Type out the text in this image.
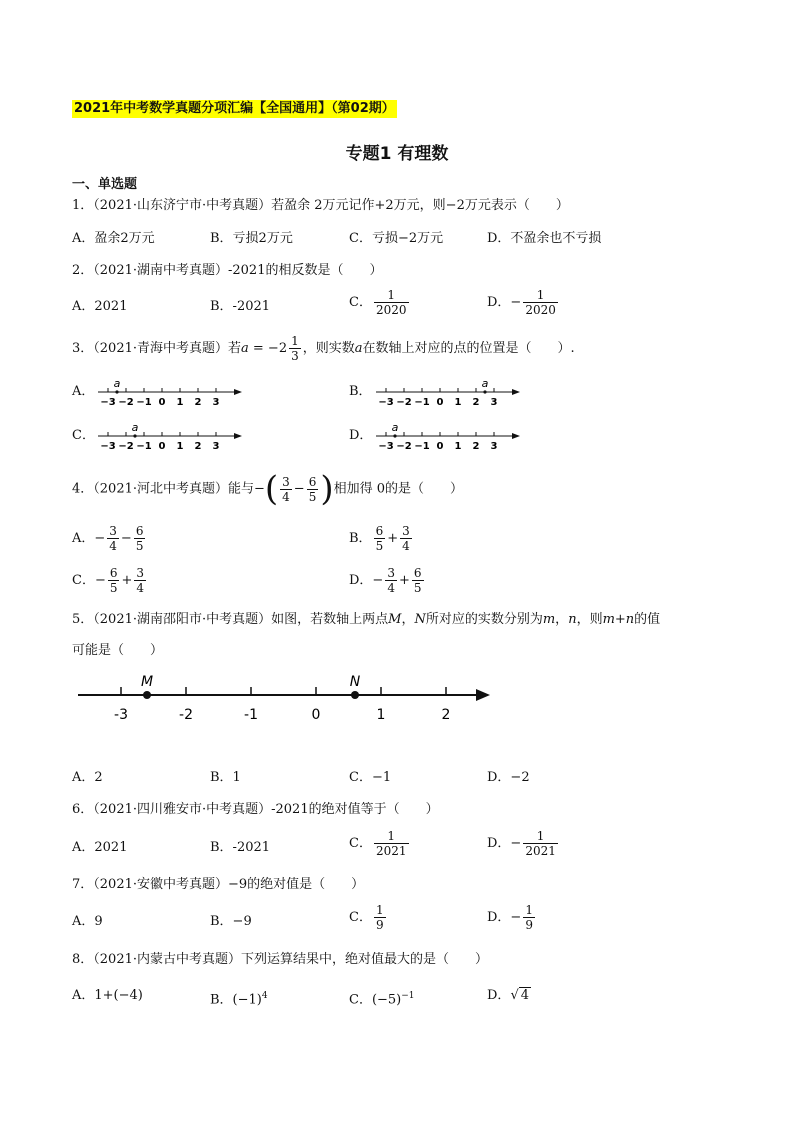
2021年中考数学真题分项汇编【全国通用】（第02期）
专题1 有理数
一、单选题
1．（2021·山东济宁市·中考真题）若盈余 2万元记作+2万元，则−2万元表示（　　）
A．盈余2万元	B．亏损2万元	C．亏损−2万元	D．不盈余也不亏损
2．（2021·湖南中考真题）-2021的相反数是（　　）
A．2021	B．-2021	C． $\frac{1}{2020}$	D．− $\frac{1}{2020}$
3．（2021·青海中考真题）若$a = -2 \frac{1}{3}$ ，则实数a在数轴上对应的点的位置是（　　）.
A．	B．
C．	D．
−3 −2 −1 0 1 2 3
a
−3 −2 −1 0 1 2 3
a
−3 −2 −1 0 1 2 3
a
−3 −2 −1 0 1 2 3
a
4．（2021·河北中考真题）能与−( $\frac{3}{4} - \frac{6}{5}$ )相加得 0的是（　　）
A．− $\frac{3}{4} - \frac{6}{5}$	B． $\frac{6}{5} + \frac{3}{4}$
C．− $\frac{6}{5} + \frac{3}{4}$	D．− $\frac{3}{4} + \frac{6}{5}$
5．（2021·湖南邵阳市·中考真题）如图，若数轴上两点M，N所对应的实数分别为m，n，则m+n的值
可能是（　　）
-3	-2	-1	0	1	2
M	N
A．2	B．1	C．−1	D．−2
6．（2021·四川雅安市·中考真题）-2021的绝对值等于（　　）
A．2021	B．-2021	C． $\frac{1}{2021}$	D．− $\frac{1}{2021}$
7．（2021·安徽中考真题）−9的绝对值是（　　）
A．9	B．−9	C． $\frac{1}{9}$	D．− $\frac{1}{9}$
8．（2021·内蒙古中考真题）下列运算结果中，绝对值最大的是（　　）
A．1+(−4)	B．$(-1)^4$	C．$(-5)^{-1}$	D．√ 4
